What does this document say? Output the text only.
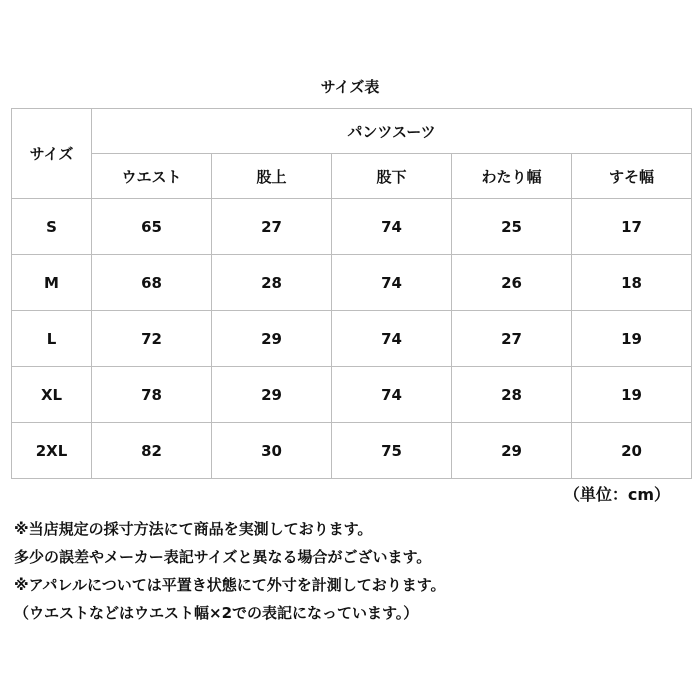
サイズ表
サイズ	パンツスーツ				
	ウエスト	股上	股下	わたり幅	すそ幅
S	65	27	74	25	17
M	68	28	74	26	18
L	72	29	74	27	19
XL	78	29	74	28	19
2XL	82	30	75	29	20
（単位：cm）
※当店規定の採寸方法にて商品を実測しております。
多少の誤差やメーカー表記サイズと異なる場合がございます。
※アパレルについては平置き状態にて外寸を計測しております。
（ウエストなどはウエスト幅×2での表記になっています。）
